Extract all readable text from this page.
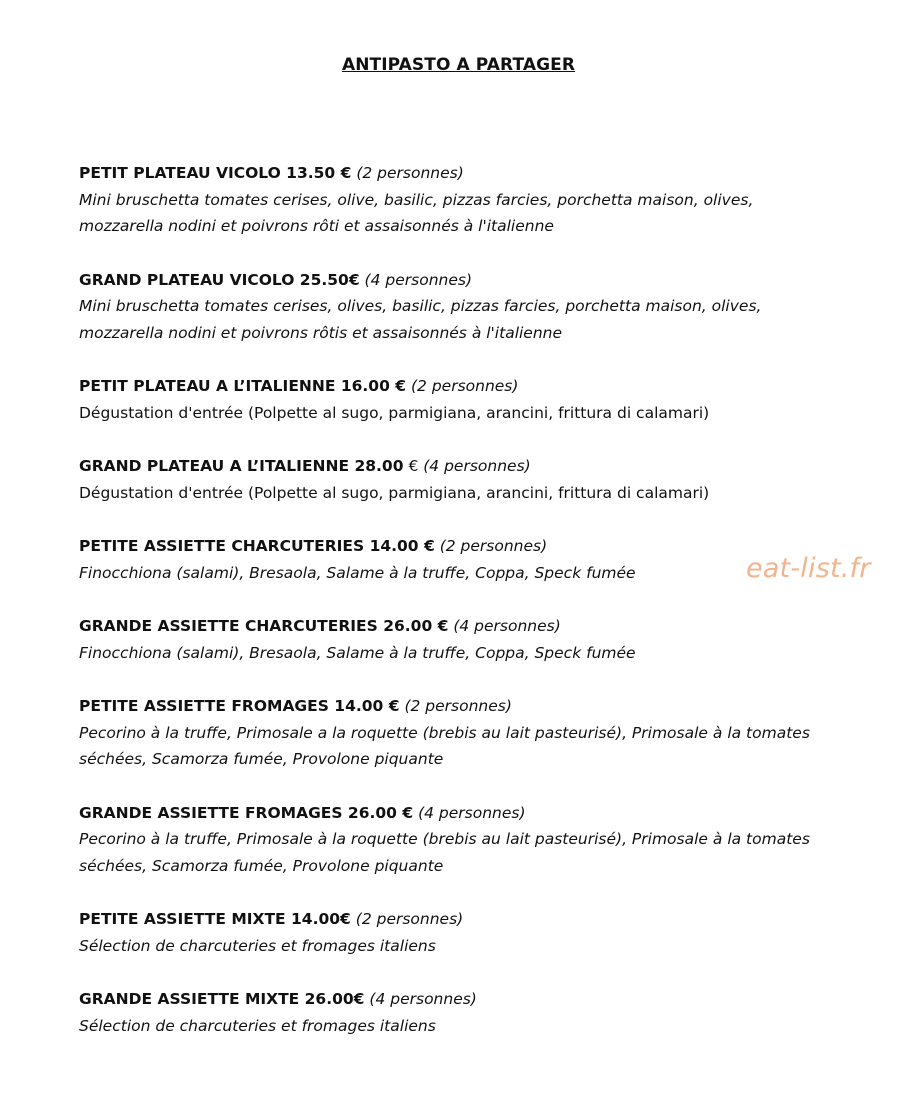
ANTIPASTO A PARTAGER
PETIT PLATEAU VICOLO 13.50 € (2 personnes)
Mini bruschetta tomates cerises, olive, basilic, pizzas farcies, porchetta maison, olives, mozzarella nodini et poivrons rôti et assaisonnés à l'italienne
GRAND PLATEAU VICOLO 25.50€ (4 personnes)
Mini bruschetta tomates cerises, olives, basilic, pizzas farcies, porchetta maison, olives, mozzarella nodini et poivrons rôtis et assaisonnés à l'italienne
PETIT PLATEAU A L’ITALIENNE 16.00 € (2 personnes)
Dégustation d'entrée (Polpette al sugo, parmigiana, arancini, frittura di calamari)
GRAND PLATEAU A L’ITALIENNE 28.00 € (4 personnes)
Dégustation d'entrée (Polpette al sugo, parmigiana, arancini, frittura di calamari)
PETITE ASSIETTE CHARCUTERIES 14.00 € (2 personnes)
Finocchiona (salami), Bresaola, Salame à la truffe, Coppa, Speck fumée
GRANDE ASSIETTE CHARCUTERIES 26.00 € (4 personnes)
Finocchiona (salami), Bresaola, Salame à la truffe, Coppa, Speck fumée
PETITE ASSIETTE FROMAGES 14.00 € (2 personnes)
Pecorino à la truffe, Primosale a la roquette (brebis au lait pasteurisé), Primosale à la tomates séchées, Scamorza fumée, Provolone piquante
GRANDE ASSIETTE FROMAGES 26.00 € (4 personnes)
Pecorino à la truffe, Primosale à la roquette (brebis au lait pasteurisé), Primosale à la tomates séchées, Scamorza fumée, Provolone piquante
PETITE ASSIETTE MIXTE 14.00€ (2 personnes)
Sélection de charcuteries et fromages italiens
GRANDE ASSIETTE MIXTE 26.00€ (4 personnes)
Sélection de charcuteries et fromages italiens
eat-list.fr
